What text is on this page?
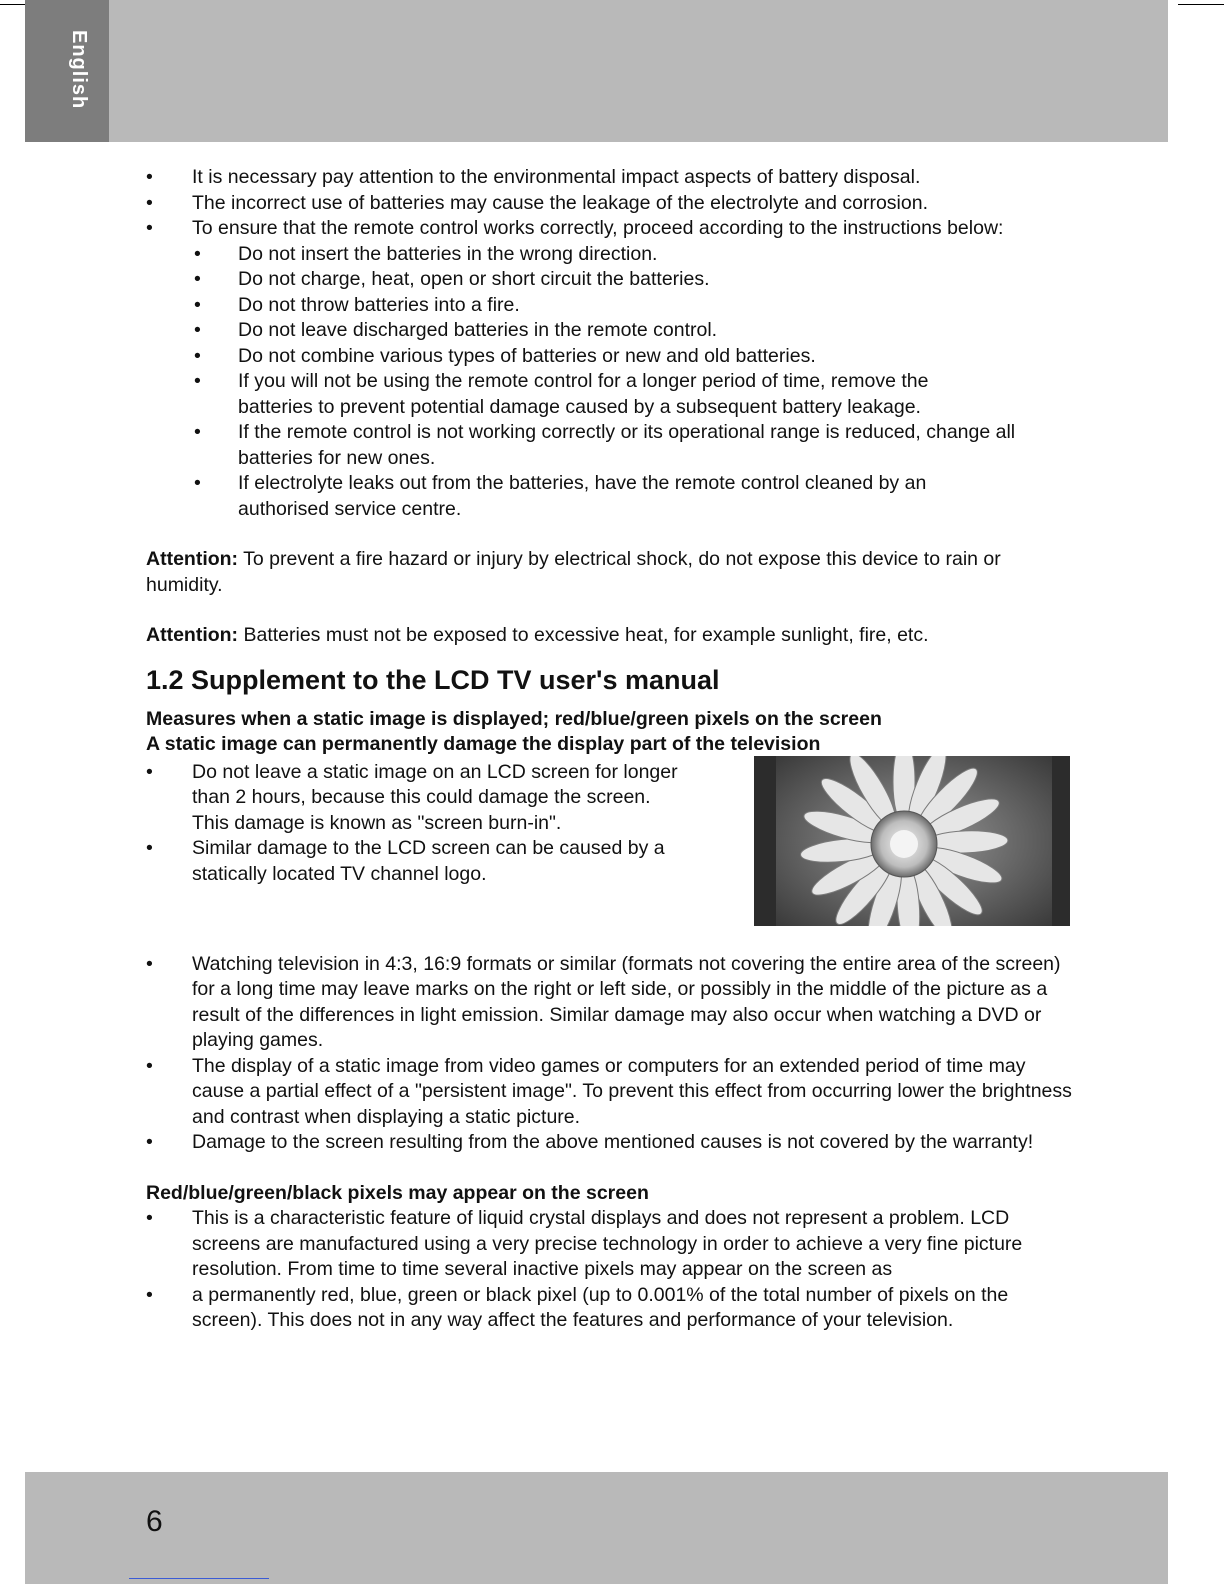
English
• It is necessary pay attention to the environmental impact aspects of battery disposal.
• The incorrect use of batteries may cause the leakage of the electrolyte and corrosion.
• To ensure that the remote control works correctly, proceed according to the instructions below:
• Do not insert the batteries in the wrong direction.
• Do not charge, heat, open or short circuit the batteries.
• Do not throw batteries into a fire.
• Do not leave discharged batteries in the remote control.
• Do not combine various types of batteries or new and old batteries.
• If you will not be using the remote control for a longer period of time, remove the batteries to prevent potential damage caused by a subsequent battery leakage.
• If the remote control is not working correctly or its operational range is reduced, change all batteries for new ones.
• If electrolyte leaks out from the batteries, have the remote control cleaned by an authorised service centre.

Attention: To prevent a fire hazard or injury by electrical shock, do not expose this device to rain or humidity.

Attention: Batteries must not be exposed to excessive heat, for example sunlight, fire, etc.

1.2 Supplement to the LCD TV user's manual

Measures when a static image is displayed; red/blue/green pixels on the screen

A static image can permanently damage the display part of the television

• Do not leave a static image on an LCD screen for longer than 2 hours, because this could damage the screen. This damage is known as "screen burn-in".
• Similar damage to the LCD screen can be caused by a statically located TV channel logo.
• Watching television in 4:3, 16:9 formats or similar (formats not covering the entire area of the screen) for a long time may leave marks on the right or left side, or possibly in the middle of the picture as a result of the differences in light emission. Similar damage may also occur when watching a DVD or playing games.
• The display of a static image from video games or computers for an extended period of time may cause a partial effect of a "persistent image". To prevent this effect from occurring lower the brightness and contrast when displaying a static picture.
• Damage to the screen resulting from the above mentioned causes is not covered by the warranty!

Red/blue/green/black pixels may appear on the screen

• This is a characteristic feature of liquid crystal displays and does not represent a problem. LCD screens are manufactured using a very precise technology in order to achieve a very fine picture resolution. From time to time several inactive pixels may appear on the screen as
• a permanently red, blue, green or black pixel (up to 0.001% of the total number of pixels on the screen). This does not in any way affect the features and performance of your television.
6
